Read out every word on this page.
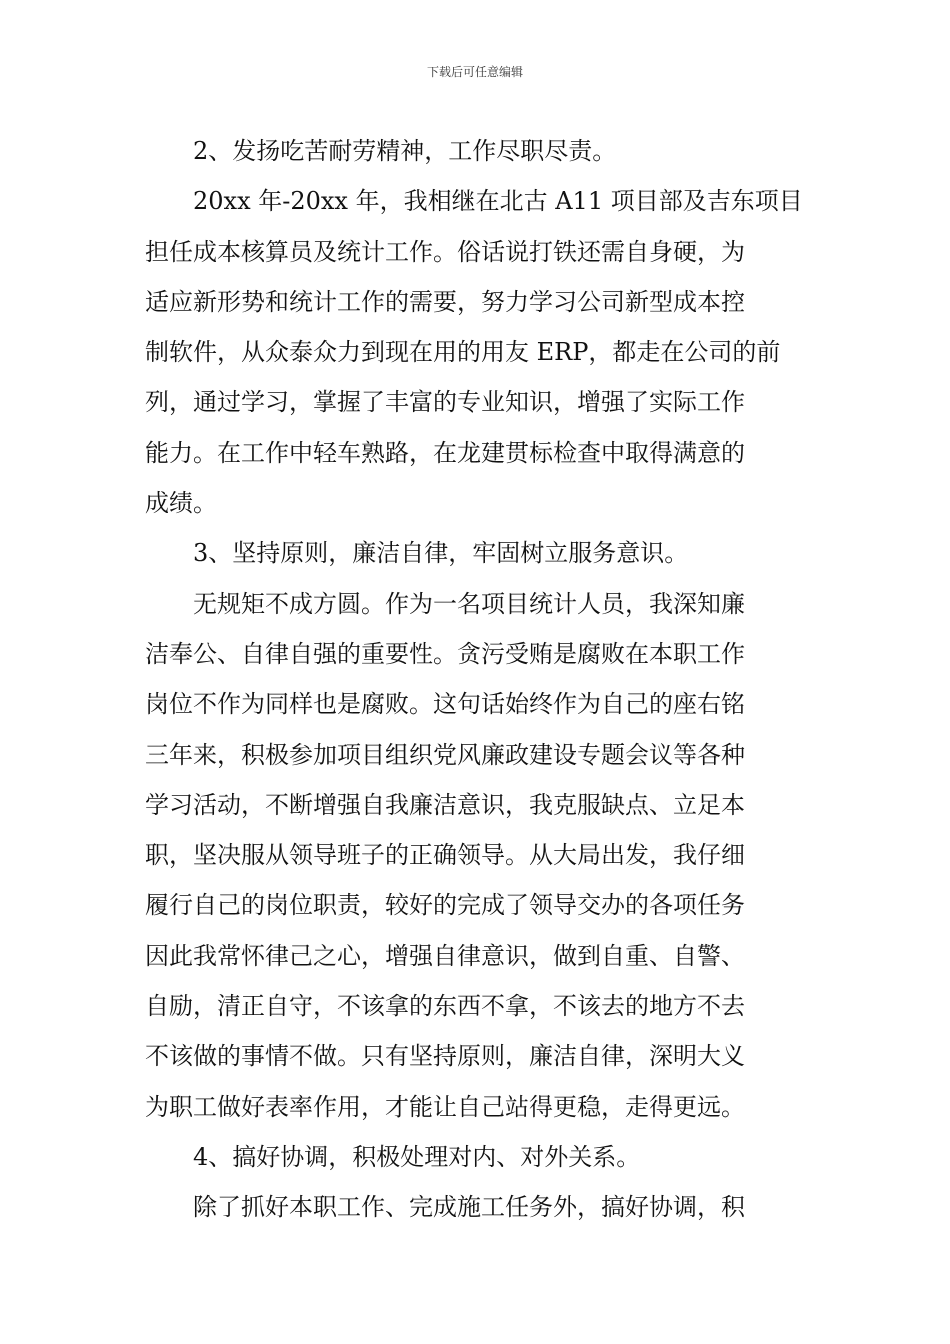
下载后可任意编辑
2、发扬吃苦耐劳精神，工作尽职尽责。
20xx 年-20xx 年，我相继在北古 A11 项目部及吉东项目
担任成本核算员及统计工作。俗话说打铁还需自身硬，为
适应新形势和统计工作的需要，努力学习公司新型成本控
制软件，从众泰众力到现在用的用友 ERP，都走在公司的前
列，通过学习，掌握了丰富的专业知识，增强了实际工作
能力。在工作中轻车熟路，在龙建贯标检查中取得满意的
成绩。
3、坚持原则，廉洁自律，牢固树立服务意识。
无规矩不成方圆。作为一名项目统计人员，我深知廉
洁奉公、自律自强的重要性。贪污受贿是腐败在本职工作
岗位不作为同样也是腐败。这句话始终作为自己的座右铭
三年来，积极参加项目组织党风廉政建设专题会议等各种
学习活动，不断增强自我廉洁意识，我克服缺点、立足本
职，坚决服从领导班子的正确领导。从大局出发，我仔细
履行自己的岗位职责，较好的完成了领导交办的各项任务
因此我常怀律己之心，增强自律意识，做到自重、自警、
自励，清正自守，不该拿的东西不拿，不该去的地方不去
不该做的事情不做。只有坚持原则，廉洁自律，深明大义
为职工做好表率作用，才能让自己站得更稳，走得更远。
4、搞好协调，积极处理对内、对外关系。
除了抓好本职工作、完成施工任务外，搞好协调，积
